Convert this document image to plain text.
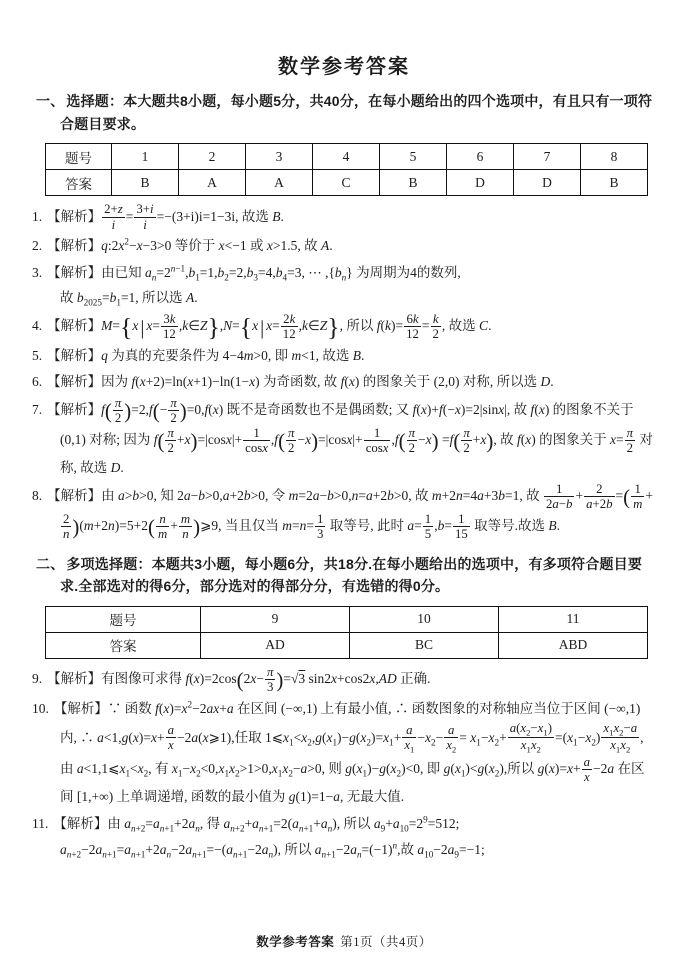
数学参考答案
一、 选择题：本大题共8小题，每小题5分，共40分，在每小题给出的四个选项中，有且只有一项符合题目要求。
题号	1	2	3	4	5	6	7	8
答案	B	A	A	C	B	D	D	B
1. 【解析】 $\frac{2+z}{i} = \frac{3+i}{i} =-(3+i)i=1-3i$, 故选 B.
2. 【解析】$q:2x^2-x-3>0$ 等价于 x<−1 或 x>1.5, 故 A.
3. 【解析】由已知 $a_n=2^{n-1},b_1=1,b_2=2,b_3=4,b_4=3$, ⋯ $,\{b_n\}$ 为周期为4的数列,
故 $b_{2025}=b_1=1$, 所以选 A.
4. 【解析】M={x| $x= \frac{3k}{12}$ ,k∈Z},N={x| $x= \frac{2k}{12}$ ,k∈Z}, 所以 $f(k)= \frac{6k}{12} = \frac{k}{2}$ , 故选 C.
5. 【解析】q 为真的充要条件为 4−4m>0, 即 m<1, 故选 B.
6. 【解析】因为 f(x+2)=ln(x+1)−ln(1−x) 为奇函数, 故 f(x) 的图象关于 (2,0) 对称, 所以选 D.
7. 【解析】$f( \frac{\pi}{2} )=2,f(- \frac{\pi}{2} )=0,f(x)$ 既不是奇函数也不是偶函数; 又 f(x)+f(−x)=2|sinx|, 故 f(x) 的图象不关于 (0,1) 对称; 因为 $f( \frac{\pi}{2} +x)=|\cos x|+ \frac{1}{\cos x} ,f( \frac{\pi}{2} -x)=|\cos x|+ \frac{1}{\cos x} ,f( \frac{\pi}{2} -x) =f( \frac{\pi}{2} +x)$, 故 f(x) 的图象关于 $x= \frac{\pi}{2}$ 对称, 故选 D.
8. 【解析】由 a>b>0, 知 2a−b>0,a+2b>0, 令 m=2a−b>0,n=a+2b>0, 故 m+2n=4a+3b=1, 故 $\frac{1}{2a-b} + \frac{2}{a+2b}$ =( $\frac{1}{m}$ +
$\frac{2}{n} )(m+2n)=5+2( \frac{n}{m} + \frac{m}{n}$ )⩾9, 当且仅当 $m=n= \frac{1}{3}$ 取等号, 此时 $a= \frac{1}{5} ,b= \frac{1}{15}$ 取等号.故选 B.
二、 多项选择题：本题共3小题，每小题6分，共18分.在每小题给出的选项中，有多项符合题目要求.全部选对的得6分，部分选对的得部分分，有选错的得0分。
题号	9	10	11
答案	AD	BC	ABD
9. 【解析】有图像可求得 $f(x)=2\cos(2x- \frac{\pi}{3} )=√3$ sin2x+cos2x,AD 正确.
10. 【解析】∵ 函数 $f(x)=x^2-2ax+a$ 在区间 (−∞,1) 上有最小值, ∴ 函数图象的对称轴应当位于区间 (−∞,1) 内, ∴ $a<1,g(x)=x+ \frac{a}{x}$ −2a(x⩾1),任取 $1⩽x_1<x_2,g(x_1)-g(x_2)=x_1+ \frac{a}{x_1} -x_2- \frac{a}{x_2} = x_1-x_2+ \frac{a(x_2-x_1)}{x_1x_2} =(x_1-x_2) \frac{x_1x_2-a}{x_1x_2}$ ,由 $a<1,1⩽x_1<x_2$, 有 $x_1-x_2<0,x_1x_2>1>0,x_1x_2-a>0$, 则 $g(x_1)-g(x_2)<0$, 即 $g(x_1)<g(x_2)$,所以 $g(x)=x+ \frac{a}{x} -2a$ 在区间 [1,+∞) 上单调递增, 函数的最小值为 g(1)=1−a, 无最大值.
11. 【解析】由 $a_{n+2}=a_{n+1}+2a_n$, 得 $a_{n+2}+a_{n+1}=2(a_{n+1}+a_n)$, 所以 $a_9+a_{10}=2^9=512$;
$a_{n+2}-2a_{n+1}=a_{n+1}+2a_n-2a_{n+1}=-(a_{n+1}-2a_n)$, 所以 $a_{n+1}-2a_n=(-1)^n$,故 $a_{10}-2a_9=-1$;
数学参考答案 第1页（共4页）
